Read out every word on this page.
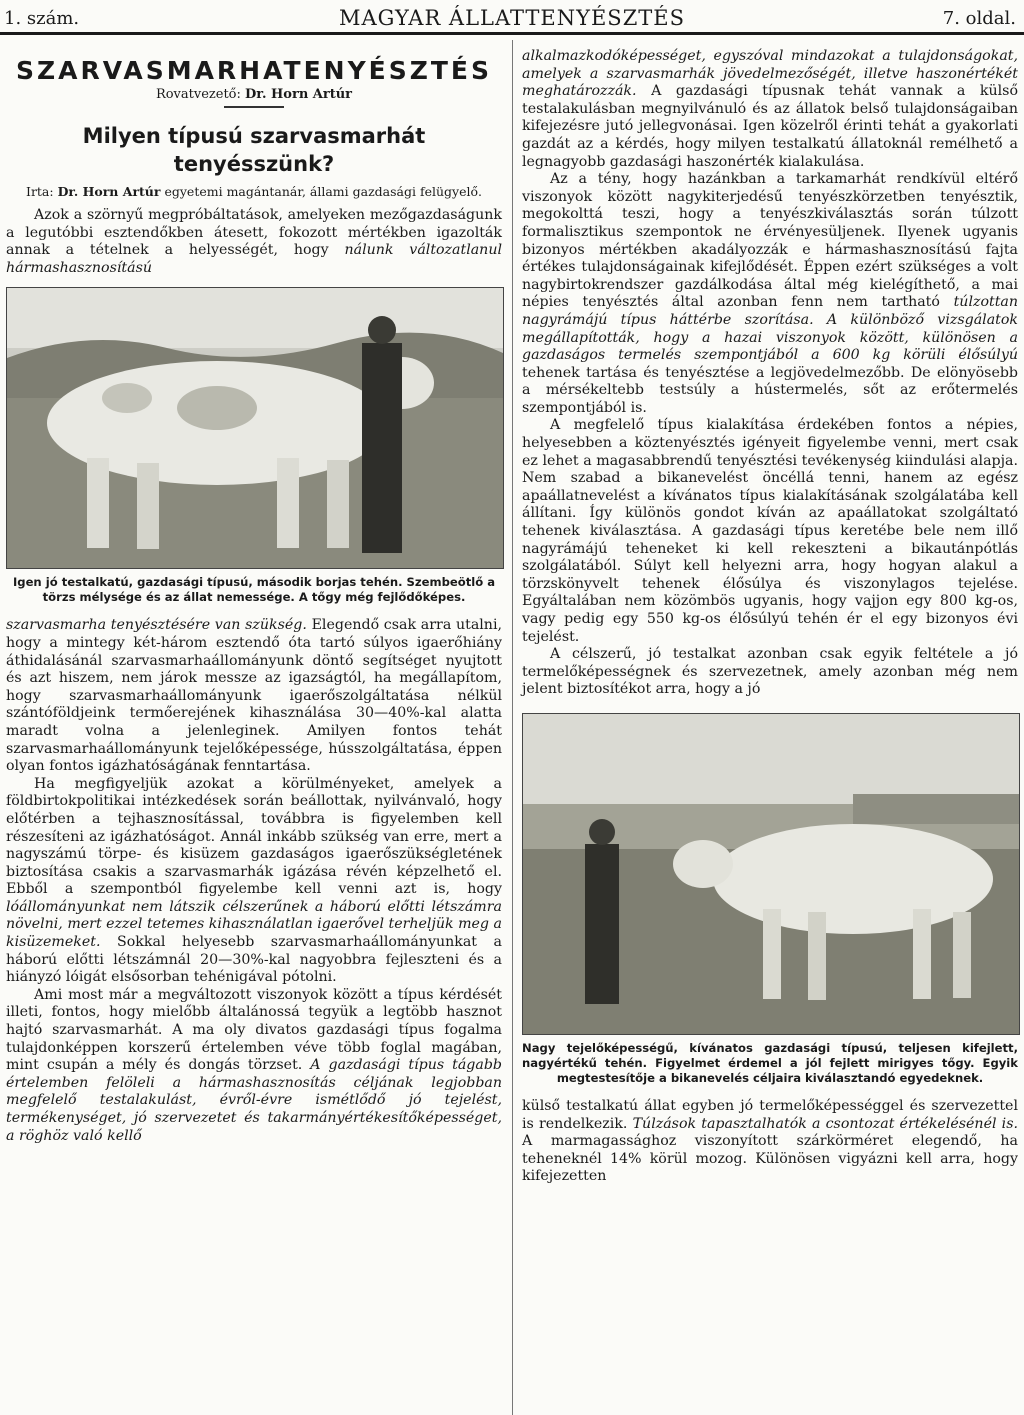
1. szám.	MAGYAR ÁLLATTENYÉSZTÉS	7. oldal.
SZARVASMARHATENYÉSZTÉS
Rovatvezető: Dr. Horn Artúr
Milyen típusú szarvasmarhát tenyésszünk?
Irta: Dr. Horn Artúr egyetemi magántanár, állami gazdasági felügyelő.

Azok a szörnyű megpróbáltatások, amelyeken mezőgazdaságunk a legutóbbi esztendőkben átesett, fokozott mértékben igazolták annak a tételnek a helyességét, hogy nálunk változatlanul hármashasznosítású

Igen jó testalkatú, gazdasági típusú, második borjas tehén. Szembeötlő a törzs mélysége és az állat nemessége. A tőgy még fejlődőképes.

szarvasmarha tenyésztésére van szükség. Elegendő csak arra utalni, hogy a mintegy két-három esztendő óta tartó súlyos igaerőhiány áthidalásánál szarvasmarhaállományunk döntő segítséget nyujtott és azt hiszem, nem járok messze az igazságtól, ha megállapítom, hogy szarvasmarhaállományunk igaerőszolgáltatása nélkül szántóföldjeink termőerejének kihasználása 30—40%-kal alatta maradt volna a jelenleginek. Amilyen fontos tehát szarvasmarhaállományunk tejelőképessége, hússzolgáltatása, éppen olyan fontos igázhatóságának fenntartása.

Ha megfigyeljük azokat a körülményeket, amelyek a földbirtokpolitikai intézkedések során beállottak, nyilvánvaló, hogy előtérben a tejhasznosítással, továbbra is figyelemben kell részesíteni az igázhatóságot. Annál inkább szükség van erre, mert a nagyszámú törpe- és kisüzem gazdaságos igaerőszükségletének biztosítása csakis a szarvasmarhák igázása révén képzelhető el. Ebből a szempontból figyelembe kell venni azt is, hogy lóállományunkat nem látszik célszerűnek a háború előtti létszámra növelni, mert ezzel tetemes kihasználatlan igaerővel terheljük meg a kisüzemeket. Sokkal helyesebb szarvasmarhaállományunkat a háború előtti létszámnál 20—30%-kal nagyobbra fejleszteni és a hiányzó lóigát elsősorban tehénigával pótolni.

Ami most már a megváltozott viszonyok között a típus kérdését illeti, fontos, hogy mielőbb általánossá tegyük a legtöbb hasznot hajtó szarvasmarhát. A ma oly divatos gazdasági típus fogalma tulajdonképpen korszerű értelemben véve több foglal magában, mint csupán a mély és dongás törzset. A gazdasági típus tágabb értelemben felöleli a hármashasznosítás céljának legjobban megfelelő testalakulást, évről-évre ismétlődő jó tejelést, termékenységet, jó szervezetet és takarmányértékesítőképességet, a röghöz való kellő

alkalmazkodóképességet, egyszóval mindazokat a tulajdonságokat, amelyek a szarvasmarhák jövedelmezőségét, illetve haszonértékét meghatározzák. A gazdasági típusnak tehát vannak a külső testalakulásban megnyilvánuló és az állatok belső tulajdonságaiban kifejezésre jutó jellegvonásai. Igen közelről érinti tehát a gyakorlati gazdát az a kérdés, hogy milyen testalkatú állatoknál remélhető a legnagyobb gazdasági haszonérték kialakulása.

Az a tény, hogy hazánkban a tarkamarhát rendkívül eltérő viszonyok között nagykiterjedésű tenyészkörzetben tenyésztik, megokolttá teszi, hogy a tenyészkiválasztás során túlzott formalisztikus szempontok ne érvényesüljenek. Ilyenek ugyanis bizonyos mértékben akadályozzák e hármashasznosítású fajta értékes tulajdonságainak kifejlődését. Éppen ezért szükséges a volt nagybirtokrendszer gazdálkodása által még kielégíthető, a mai népies tenyésztés által azonban fenn nem tartható túlzottan nagyrámájú típus háttérbe szorítása. A különböző vizsgálatok megállapították, hogy a hazai viszonyok között, különösen a gazdaságos termelés szempontjából a 600 kg körüli élősúlyú tehenek tartása és tenyésztése a legjövedelmezőbb. De elönyösebb a mérsékeltebb testsúly a hústermelés, sőt az erőtermelés szempontjából is.

A megfelelő típus kialakítása érdekében fontos a népies, helyesebben a köztenyésztés igényeit figyelembe venni, mert csak ez lehet a magasabbrendű tenyésztési tevékenység kiindulási alapja. Nem szabad a bikanevelést öncéllá tenni, hanem az egész apaállatnevelést a kívánatos típus kialakításának szolgálatába kell állítani. Így különös gondot kíván az apaállatokat szolgáltató tehenek kiválasztása. A gazdasági típus keretébe bele nem illő nagyrámájú teheneket ki kell rekeszteni a bikautánpótlás szolgálatából. Súlyt kell helyezni arra, hogy hogyan alakul a törzskönyvelt tehenek élősúlya és viszonylagos tejelése. Egyáltalában nem közömbös ugyanis, hogy vajjon egy 800 kg-os, vagy pedig egy 550 kg-os élősúlyú tehén ér el egy bizonyos évi tejelést.

A célszerű, jó testalkat azonban csak egyik feltétele a jó termelőképességnek és szervezetnek, amely azonban még nem jelent biztosítékot arra, hogy a jó

Nagy tejelőképességű, kívánatos gazdasági típusú, teljesen kifejlett, nagyértékű tehén. Figyelmet érdemel a jól fejlett mirigyes tőgy. Egyik megtestesítője a bikanevelés céljaira kiválasztandó egyedeknek.

külső testalkatú állat egyben jó termelőképességgel és szervezettel is rendelkezik. Túlzások tapasztalhatók a csontozat értékelésénél is. A marmagassághoz viszonyított szárkörméret elegendő, ha teheneknél 14% körül mozog. Különösen vigyázni kell arra, hogy kifejezetten
